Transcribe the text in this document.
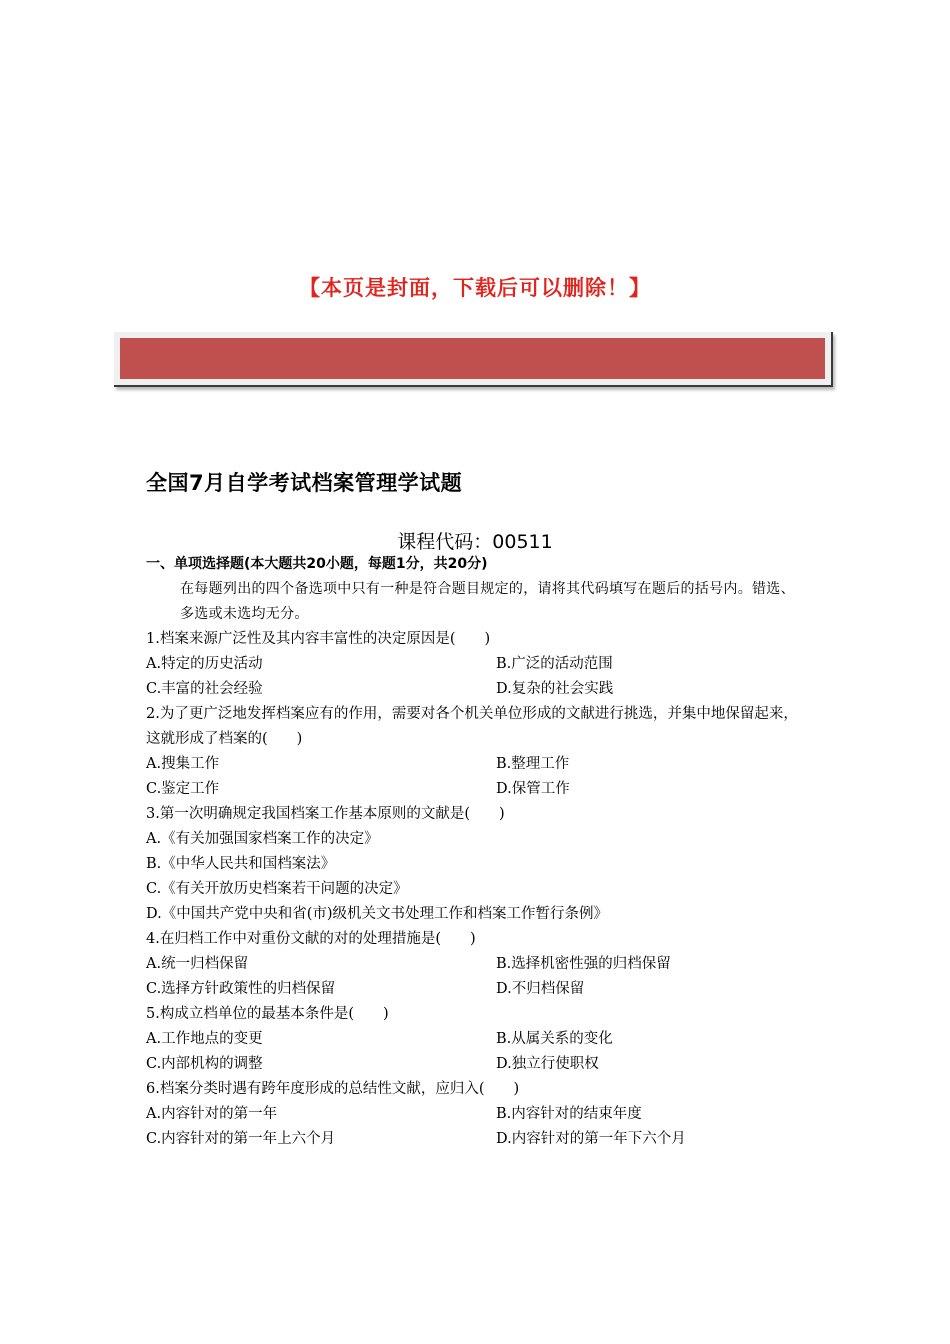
【本页是封面，下载后可以删除！】
全国7月自学考试档案管理学试题
课程代码：00511
一、单项选择题(本大题共20小题，每题1分，共20分)
在每题列出的四个备选项中只有一种是符合题目规定的，请将其代码填写在题后的括号内。错选、多选或未选均无分。
1.档案来源广泛性及其内容丰富性的决定原因是(　　)
A.特定的历史活动	B.广泛的活动范围
C.丰富的社会经验	D.复杂的社会实践
2.为了更广泛地发挥档案应有的作用，需要对各个机关单位形成的文献进行挑选，并集中地保留起来，这就形成了档案的(　　)
A.搜集工作	B.整理工作
C.鉴定工作	D.保管工作
3.第一次明确规定我国档案工作基本原则的文献是(　　)
A.《有关加强国家档案工作的决定》
B.《中华人民共和国档案法》
C.《有关开放历史档案若干问题的决定》
D.《中国共产党中央和省(市)级机关文书处理工作和档案工作暂行条例》
4.在归档工作中对重份文献的对的处理措施是(　　)
A.统一归档保留	B.选择机密性强的归档保留
C.选择方针政策性的归档保留	D.不归档保留
5.构成立档单位的最基本条件是(　　)
A.工作地点的变更	B.从属关系的变化
C.内部机构的调整	D.独立行使职权
6.档案分类时遇有跨年度形成的总结性文献，应归入(　　)
A.内容针对的第一年	B.内容针对的结束年度
C.内容针对的第一年上六个月	D.内容针对的第一年下六个月
